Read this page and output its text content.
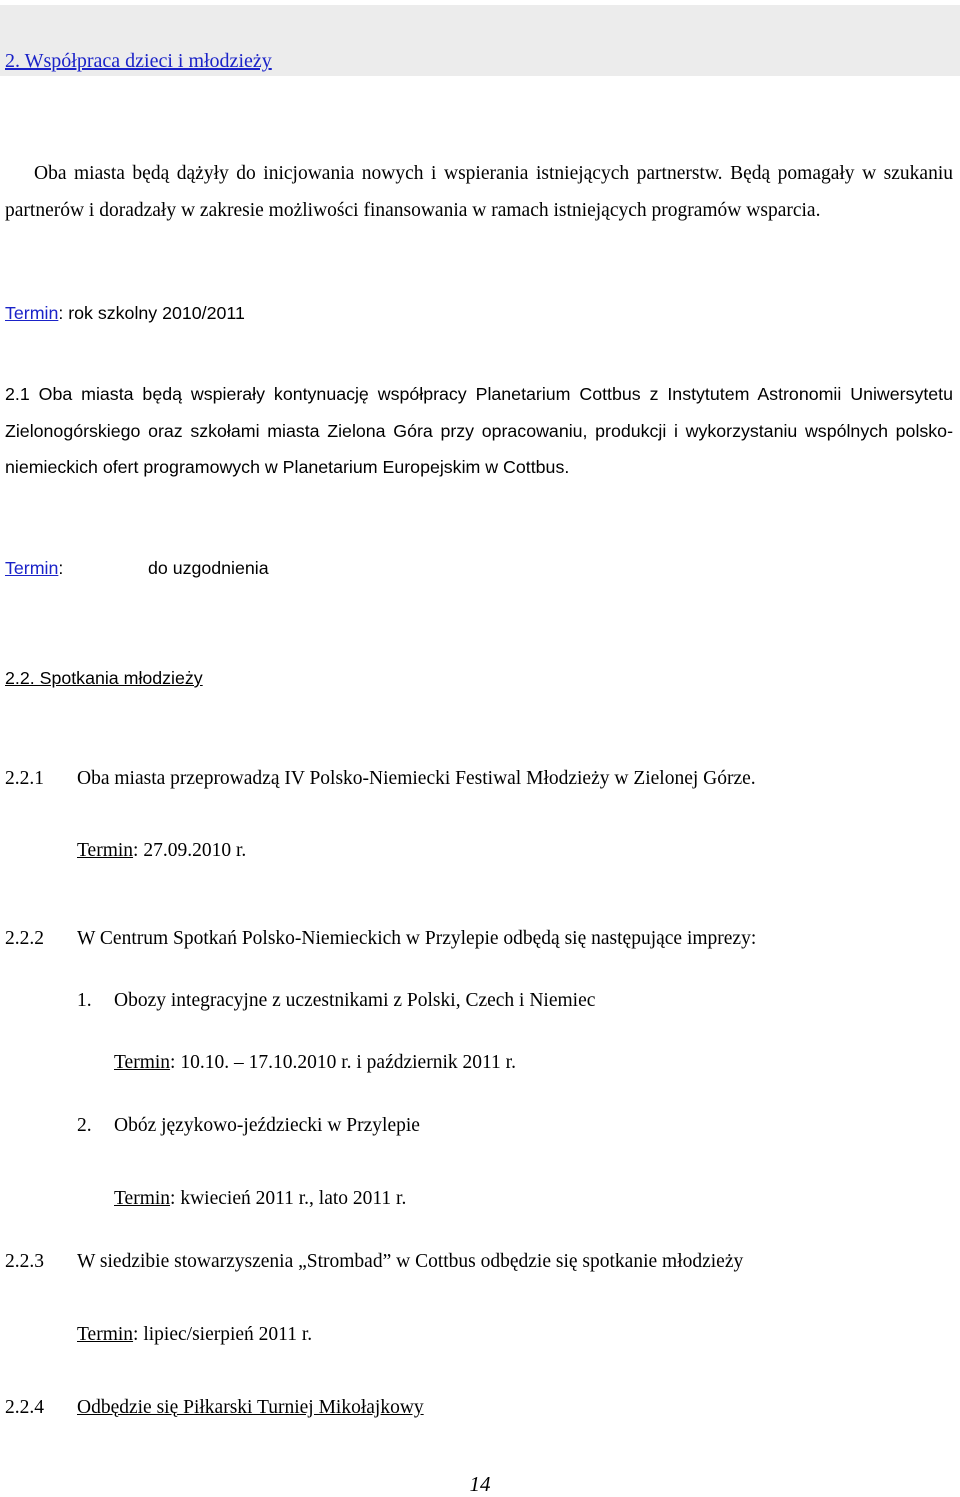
2. Współpraca dzieci i młodzieży
Oba miasta będą dążyły do inicjowania nowych i wspierania istniejących partnerstw. Będą pomagały w szukaniu partnerów i doradzały w zakresie możliwości finansowania w ramach istniejących programów wsparcia.
Termin: rok szkolny 2010/2011
2.1 Oba miasta będą wspierały kontynuację współpracy Planetarium Cottbus z Instytutem Astronomii Uniwersytetu Zielonogórskiego oraz szkołami miasta Zielona Góra przy opracowaniu, produkcji i wykorzystaniu wspólnych polsko-niemieckich ofert programowych w Planetarium Europejskim w Cottbus.
Termin:	do uzgodnienia
2.2. Spotkania młodzieży
2.2.1 Oba miasta przeprowadzą IV Polsko-Niemiecki Festiwal Młodzieży w Zielonej Górze.
Termin: 27.09.2010 r.
2.2.2 W Centrum Spotkań Polsko-Niemieckich w Przylepie odbędą się następujące imprezy:
1. Obozy integracyjne z uczestnikami z Polski, Czech i Niemiec
Termin: 10.10. – 17.10.2010 r. i październik 2011 r.
2. Obóz językowo-jeździecki w Przylepie
Termin: kwiecień 2011 r., lato 2011 r.
2.2.3 W siedzibie stowarzyszenia „Strombad” w Cottbus odbędzie się spotkanie młodzieży
Termin: lipiec/sierpień 2011 r.
2.2.4 Odbędzie się Piłkarski Turniej Mikołajkowy
14
